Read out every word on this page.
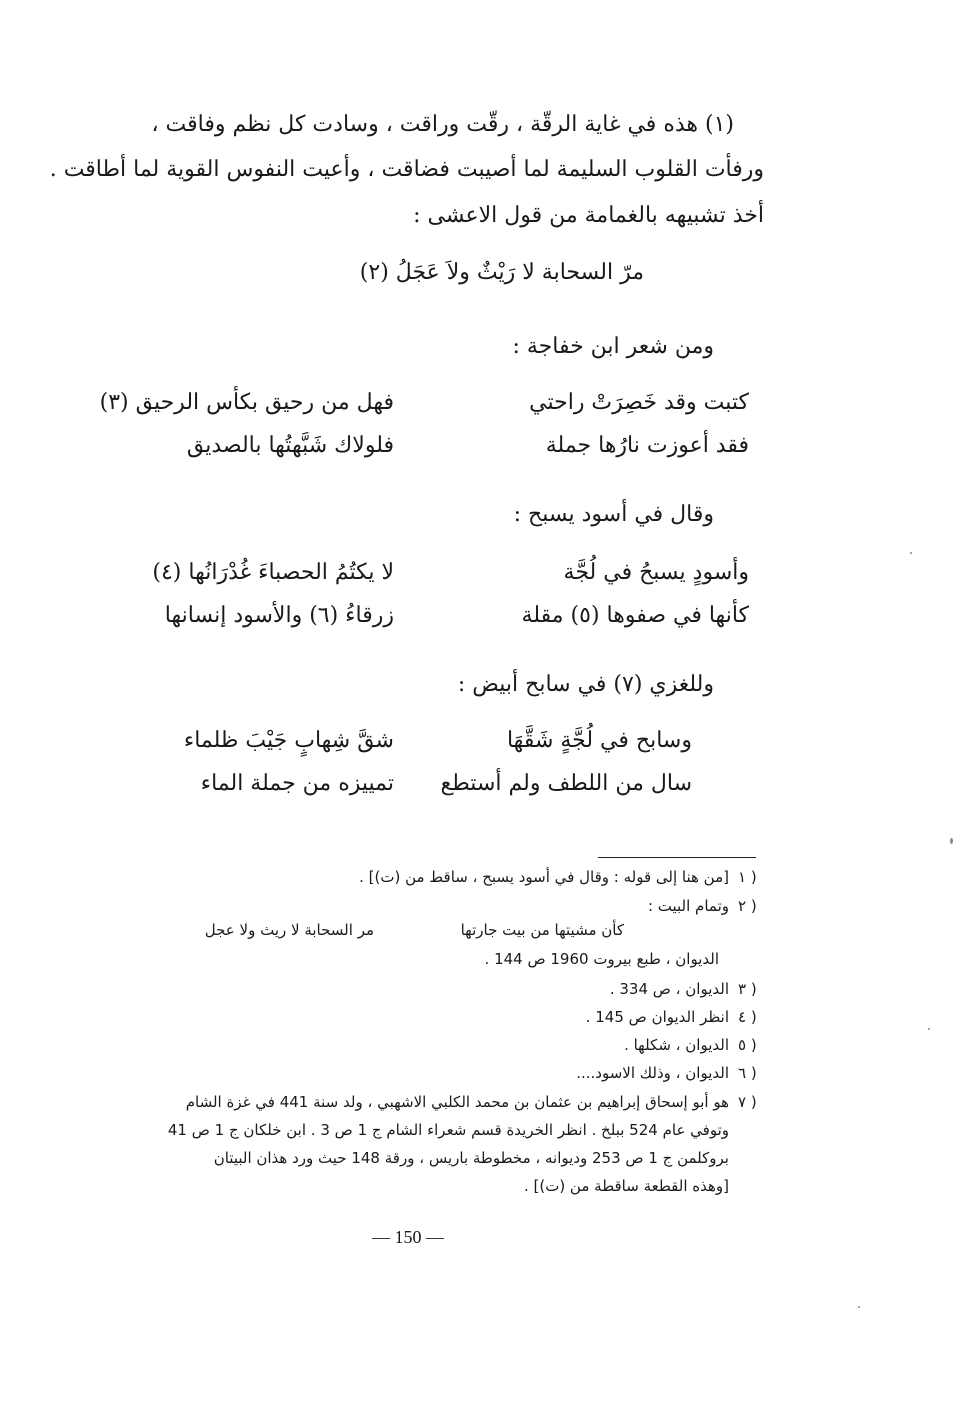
(١) هذه في غاية الرقّة ، رقّت وراقت ، وسادت كل نظم وفاقت ،
ورفأت القلوب السليمة لما أصيبت فضاقت ، وأعيت النفوس القوية لما أطاقت .
أخذ تشبيهه بالغمامة من قول الاعشى :
مرّ السحابة لا رَيْثٌ ولاَ عَجَلُ (٢)
ومن شعر ابن خفاجة :
كتبت وقد خَصِرَتْ راحتي
فهل من رحيق بكأس الرحيق (٣)
فقد أعوزت نارُها جملة
فلولاك شَبَّهتُها بالصديق
وقال في أسود يسبح :
وأسودٍ يسبحُ في لُجَّة
لا يكتُمُ الحصباءَ غُدْرَانُها (٤)
كأنها في صفوها (٥) مقلة
زرقاءُ (٦) والأسود إنسانها
وللغزي (٧) في سابح أبيض :
وسابح في لُجَّةٍ شَقَّهَا
شقَّ شِهابٍ جَيْبَ ظلماء
سال من اللطف ولم أستطع
تمييزه من جملة الماء
[من هنا إلى قوله : وقال في أسود يسبح ، ساقط من (ت)] . ١ )
وتمام البيت : ٢ )
كأن مشيتها من بيت جارتها
مر السحابة لا ريث ولا عجل
الديوان ، طبع بيروت 1960 ص 144 .
الديوان ، ص 334 . ٣ )
انظر الديوان ص 145 . ٤ )
الديوان ، شكلها . ٥ )
الديوان ، وذلك الاسود.... ٦ )
٧ )
هو أبو إسحاق إبراهيم بن عثمان بن محمد الكلبي الاشهبي ، ولد سنة 441 في غزة الشام
وتوفي عام 524 ببلخ . انظر الخريدة قسم شعراء الشام ج 1 ص 3 . ابن خلكان ج 1 ص 41
بروكلمن ج 1 ص 253 وديوانه ، مخطوطة باريس ، ورقة 148 حيث ورد هذان البيتان
[وهذه القطعة ساقطة من (ت)] .
— 150 —
